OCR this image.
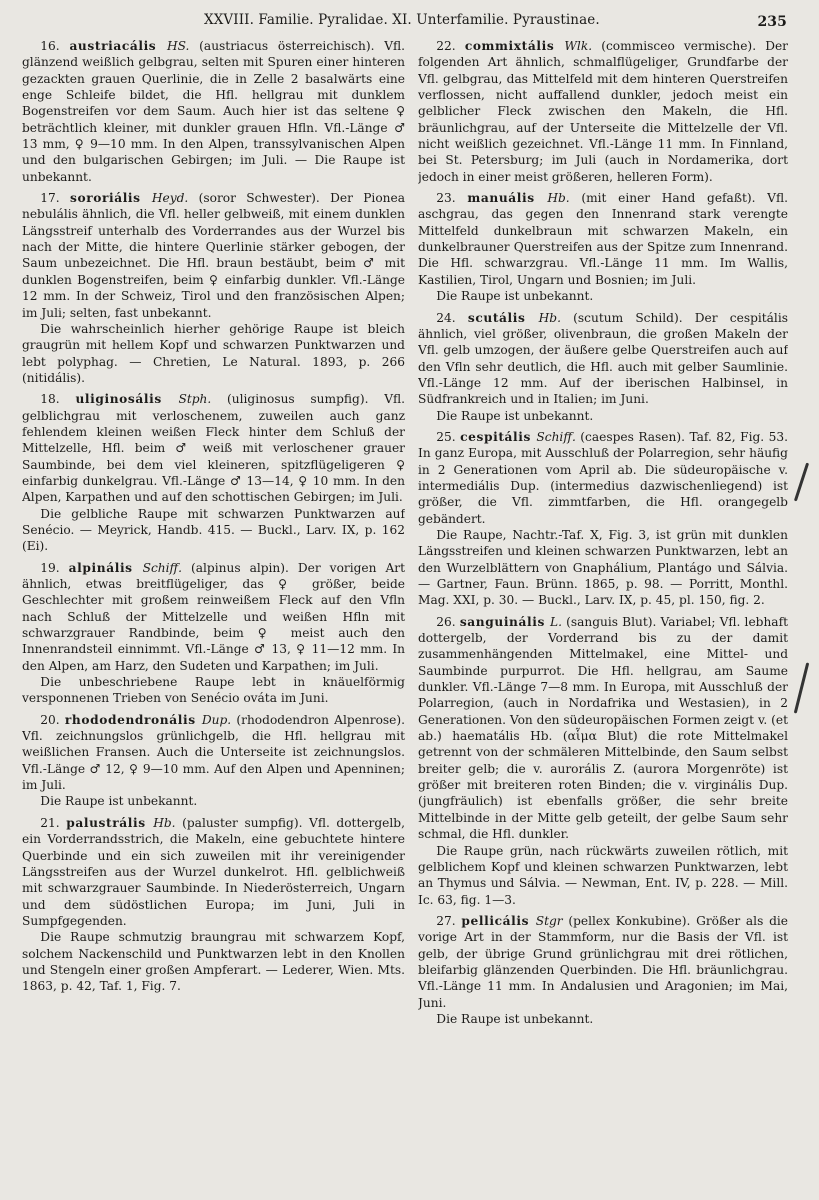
XXVIII. Familie. Pyralidae. XI. Unterfamilie. Pyraustinae.	235

16. austriacális HS. (austriacus österreichisch). Vfl. glänzend weißlich gelbgrau, selten mit Spuren einer hinteren gezackten grauen Querlinie, die in Zelle 2 basalwärts eine enge Schleife bildet, die Hfl. hellgrau mit dunklem Bogenstreifen vor dem Saum. Auch hier ist das seltene ♀ beträchtlich kleiner, mit dunkler grauen Hfln. Vfl.-Länge ♂ 13 mm, ♀ 9—10 mm. In den Alpen, transsylvanischen Alpen und den bulgarischen Gebirgen; im Juli. — Die Raupe ist unbekannt.

17. sororiális Heyd. (soror Schwester). Der Pionea nebulális ähnlich, die Vfl. heller gelbweiß, mit einem dunklen Längsstreif unterhalb des Vorderrandes aus der Wurzel bis nach der Mitte, die hintere Querlinie stärker gebogen, der Saum unbezeichnet. Die Hfl. braun bestäubt, beim ♂ mit dunklen Bogenstreifen, beim ♀ einfarbig dunkler. Vfl.-Länge 12 mm. In der Schweiz, Tirol und den französischen Alpen; im Juli; selten, fast unbekannt.

Die wahrscheinlich hierher gehörige Raupe ist bleich graugrün mit hellem Kopf und schwarzen Punktwarzen und lebt polyphag. — Chretien, Le Natural. 1893, p. 266 (nitidális).

18. uliginosális Stph. (uliginosus sumpfig). Vfl. gelblichgrau mit verloschenem, zuweilen auch ganz fehlendem kleinen weißen Fleck hinter dem Schluß der Mittelzelle, Hfl. beim ♂ weiß mit verloschener grauer Saumbinde, bei dem viel kleineren, spitzflügeligeren ♀ einfarbig dunkelgrau. Vfl.-Länge ♂ 13—14, ♀ 10 mm. In den Alpen, Karpathen und auf den schottischen Gebirgen; im Juli.

Die gelbliche Raupe mit schwarzen Punktwarzen auf Senécio. — Meyrick, Handb. 415. — Buckl., Larv. IX, p. 162 (Ei).

19. alpinális Schiff. (alpinus alpin). Der vorigen Art ähnlich, etwas breitflügeliger, das ♀ größer, beide Geschlechter mit großem reinweißem Fleck auf den Vfln nach Schluß der Mittelzelle und weißen Hfln mit schwarzgrauer Randbinde, beim ♀ meist auch den Innenrandsteil einnimmt. Vfl.-Länge ♂ 13, ♀ 11—12 mm. In den Alpen, am Harz, den Sudeten und Karpathen; im Juli.

Die unbeschriebene Raupe lebt in knäuelförmig versponnenen Trieben von Senécio ováta im Juni.

20. rhododendronális Dup. (rhododendron Alpenrose). Vfl. zeichnungslos grünlichgelb, die Hfl. hellgrau mit weißlichen Fransen. Auch die Unterseite ist zeichnungslos. Vfl.-Länge ♂ 12, ♀ 9—10 mm. Auf den Alpen und Apenninen; im Juli.

Die Raupe ist unbekannt.

21. palustrális Hb. (paluster sumpfig). Vfl. dottergelb, ein Vorderrandsstrich, die Makeln, eine gebuchtete hintere Querbinde und ein sich zuweilen mit ihr vereinigender Längsstreifen aus der Wurzel dunkelrot. Hfl. gelblichweiß mit schwarzgrauer Saumbinde. In Niederösterreich, Ungarn und dem südöstlichen Europa; im Juni, Juli in Sumpfgegenden.

Die Raupe schmutzig braungrau mit schwarzem Kopf, solchem Nackenschild und Punktwarzen lebt in den Knollen und Stengeln einer großen Ampferart. — Lederer, Wien. Mts. 1863, p. 42, Taf. 1, Fig. 7.

22. commixtális Wlk. (commisceo vermische). Der folgenden Art ähnlich, schmalflügeliger, Grundfarbe der Vfl. gelbgrau, das Mittelfeld mit dem hinteren Querstreifen verflossen, nicht auffallend dunkler, jedoch meist ein gelblicher Fleck zwischen den Makeln, die Hfl. bräunlichgrau, auf der Unterseite die Mittelzelle der Vfl. nicht weißlich gezeichnet. Vfl.-Länge 11 mm. In Finnland, bei St. Petersburg; im Juli (auch in Nordamerika, dort jedoch in einer meist größeren, helleren Form).

23. manuális Hb. (mit einer Hand gefaßt). Vfl. aschgrau, das gegen den Innenrand stark verengte Mittelfeld dunkelbraun mit schwarzen Makeln, ein dunkelbrauner Querstreifen aus der Spitze zum Innenrand. Die Hfl. schwarzgrau. Vfl.-Länge 11 mm. Im Wallis, Kastilien, Tirol, Ungarn und Bosnien; im Juli.

Die Raupe ist unbekannt.

24. scutális Hb. (scutum Schild). Der cespitális ähnlich, viel größer, olivenbraun, die großen Makeln der Vfl. gelb umzogen, der äußere gelbe Querstreifen auch auf den Vfln sehr deutlich, die Hfl. auch mit gelber Saumlinie. Vfl.-Länge 12 mm. Auf der iberischen Halbinsel, in Südfrankreich und in Italien; im Juni.

Die Raupe ist unbekannt.

25. cespitális Schiff. (caespes Rasen). Taf. 82, Fig. 53. In ganz Europa, mit Ausschluß der Polarregion, sehr häufig in 2 Generationen vom April ab. Die südeuropäische v. intermediális Dup. (intermedius dazwischenliegend) ist größer, die Vfl. zimmtfarben, die Hfl. orangegelb gebändert.

Die Raupe, Nachtr.-Taf. X, Fig. 3, ist grün mit dunklen Längsstreifen und kleinen schwarzen Punktwarzen, lebt an den Wurzelblättern von Gnaphálium, Plantágo und Sálvia. — Gartner, Faun. Brünn. 1865, p. 98. — Porritt, Monthl. Mag. XXI, p. 30. — Buckl., Larv. IX, p. 45, pl. 150, fig. 2.

26. sanguinális L. (sanguis Blut). Variabel; Vfl. lebhaft dottergelb, der Vorderrand bis zu der damit zusammenhängenden Mittelmakel, eine Mittel- und Saumbinde purpurrot. Die Hfl. hellgrau, am Saume dunkler. Vfl.-Länge 7—8 mm. In Europa, mit Ausschluß der Polarregion, (auch in Nordafrika und Westasien), in 2 Generationen. Von den südeuropäischen Formen zeigt v. (et ab.) haematális Hb. (αἷμα Blut) die rote Mittelmakel getrennt von der schmäleren Mittelbinde, den Saum selbst breiter gelb; die v. aurorális Z. (aurora Morgenröte) ist größer mit breiteren roten Binden; die v. virginális Dup. (jungfräulich) ist ebenfalls größer, die sehr breite Mittelbinde in der Mitte gelb geteilt, der gelbe Saum sehr schmal, die Hfl. dunkler.

Die Raupe grün, nach rückwärts zuweilen rötlich, mit gelblichem Kopf und kleinen schwarzen Punktwarzen, lebt an Thymus und Sálvia. — Newman, Ent. IV, p. 228. — Mill. Ic. 63, fig. 1—3.

27. pellicális Stgr (pellex Konkubine). Größer als die vorige Art in der Stammform, nur die Basis der Vfl. ist gelb, der übrige Grund grünlichgrau mit drei rötlichen, bleifarbig glänzenden Querbinden. Die Hfl. bräunlichgrau. Vfl.-Länge 11 mm. In Andalusien und Aragonien; im Mai, Juni.

Die Raupe ist unbekannt.
